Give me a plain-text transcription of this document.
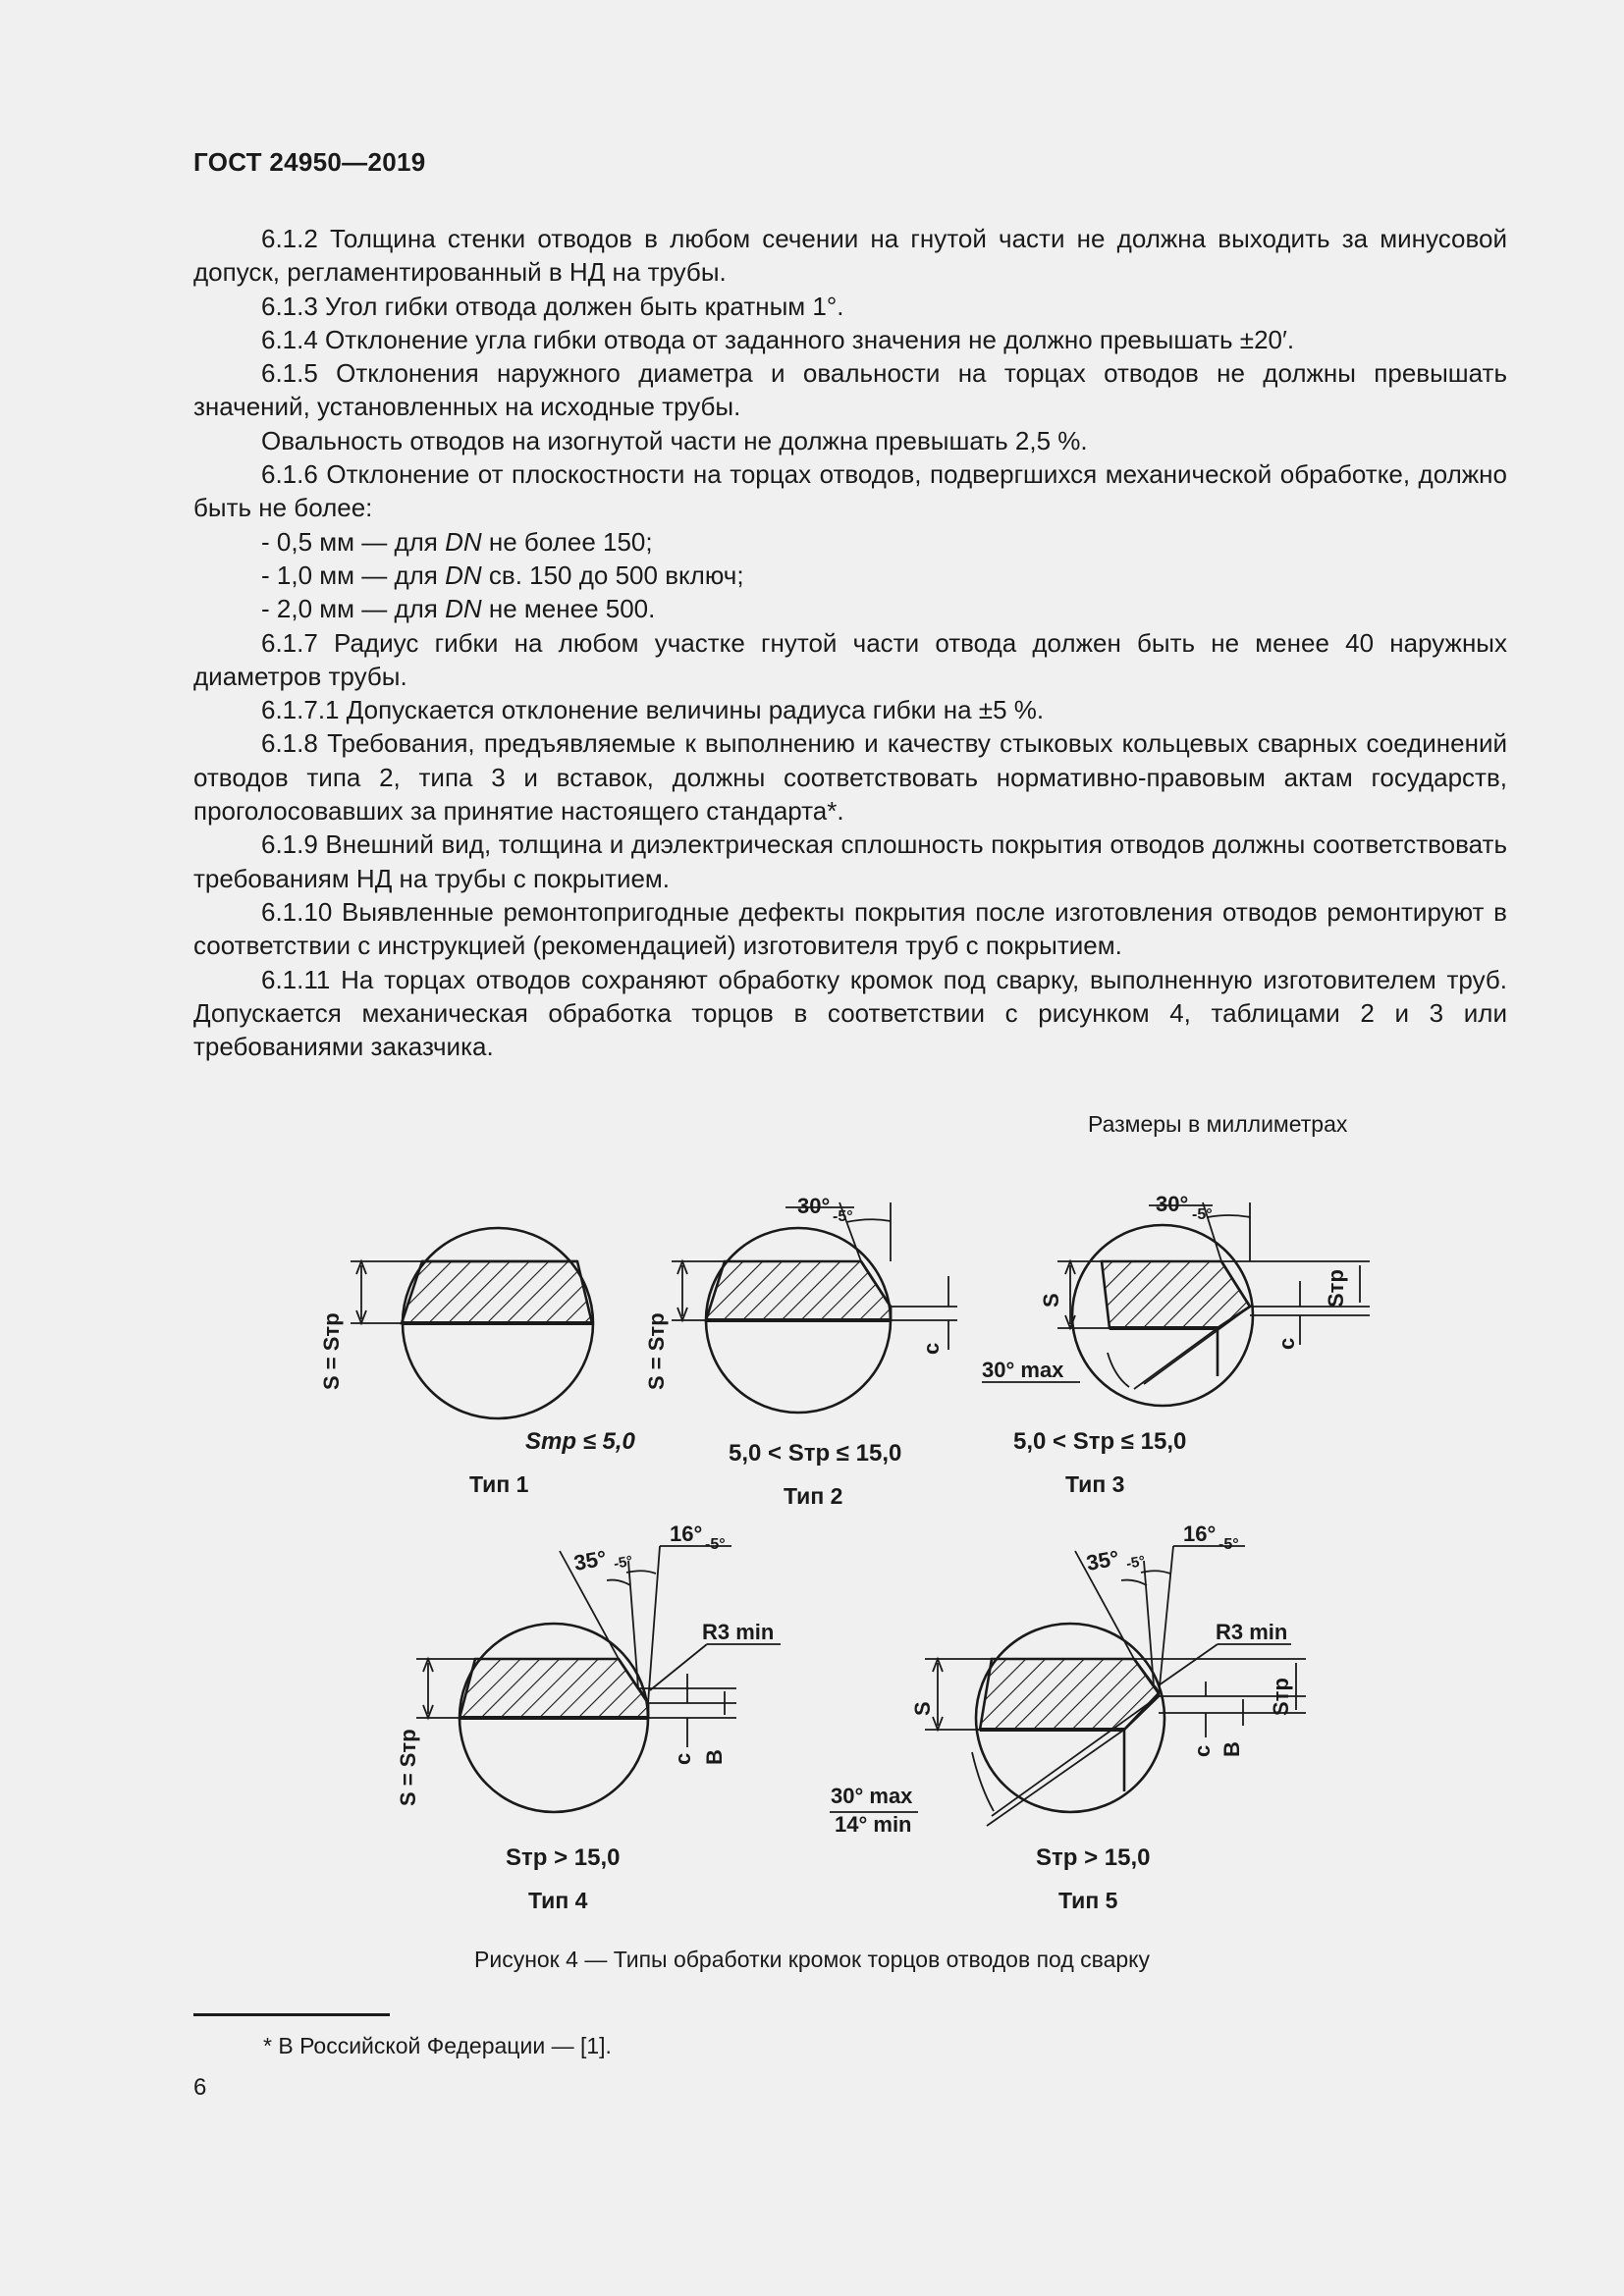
ГОСТ 24950—2019

6.1.2 Толщина стенки отводов в любом сечении на гнутой части не должна выходить за минусовой допуск, регламентированный в НД на трубы.

6.1.3 Угол гибки отвода должен быть кратным 1°.

6.1.4 Отклонение угла гибки отвода от заданного значения не должно превышать ±20′.

6.1.5 Отклонения наружного диаметра и овальности на торцах отводов не должны превышать значений, установленных на исходные трубы.

Овальность отводов на изогнутой части не должна превышать 2,5 %.

6.1.6 Отклонение от плоскостности на торцах отводов, подвергшихся механической обработке, должно быть не более:

- 0,5 мм — для DN не более 150;

- 1,0 мм — для DN св. 150 до 500 включ;

- 2,0 мм — для DN не менее 500.

6.1.7 Радиус гибки на любом участке гнутой части отвода должен быть не менее 40 наружных диаметров трубы.

6.1.7.1 Допускается отклонение величины радиуса гибки на ±5 %.

6.1.8 Требования, предъявляемые к выполнению и качеству стыковых кольцевых сварных соединений отводов типа 2, типа 3 и вставок, должны соответствовать нормативно-правовым актам государств, проголосовавших за принятие настоящего стандарта*.

6.1.9 Внешний вид, толщина и диэлектрическая сплошность покрытия отводов должны соответствовать требованиям НД на трубы с покрытием.

6.1.10 Выявленные ремонтопригодные дефекты покрытия после изготовления отводов ремонтируют в соответствии с инструкцией (рекомендацией) изготовителя труб с покрытием.

6.1.11 На торцах отводов сохраняют обработку кромок под сварку, выполненную изготовителем труб. Допускается механическая обработка торцов в соответствии с рисунком 4, таблицами 2 и 3 или требованиями заказчика.

Размеры в миллиметрах
S = Sтр	S = Sтр
S	Sтр
c	c
30° -5°
30° -5°
30° max
Sтр ≤ 5,0	5,0 < Sтр ≤ 15,0	5,0 < Sтр ≤ 15,0
Тип 1	Тип 2	Тип 3
S = Sтр	c B
35° -5°
16° -5°
R3 min
S	Sтр
c B
35° -5°
16° -5°
R3 min
30° max
14° min
Sтр > 15,0	Sтр > 15,0
Тип 4	Тип 5
Рисунок 4 — Типы обработки кромок торцов отводов под сварку
* В Российской Федерации — [1].
6
